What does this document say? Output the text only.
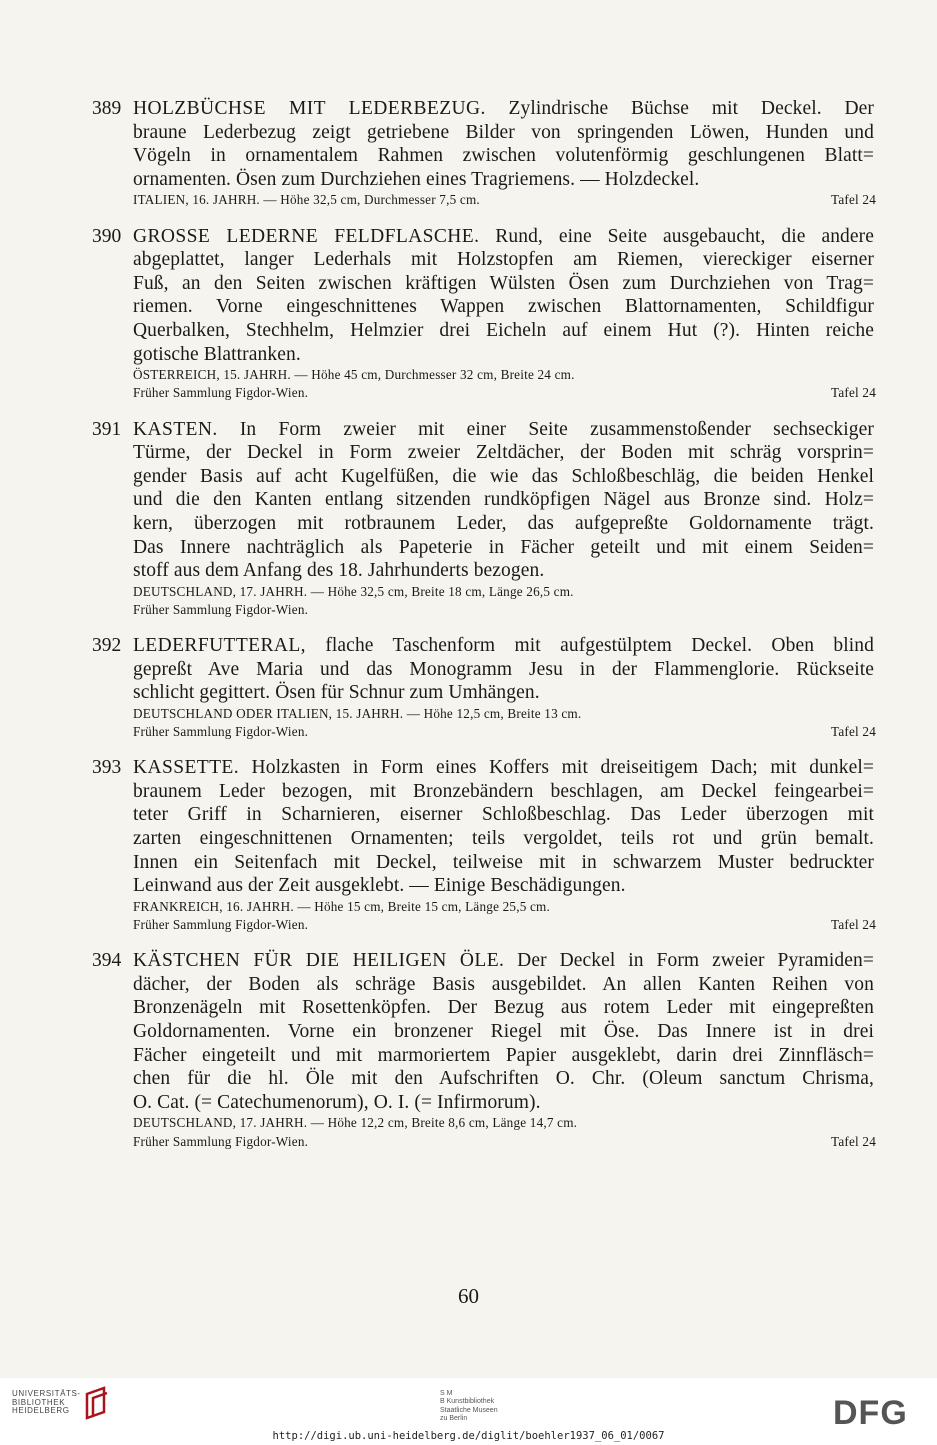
389 HOLZBÜCHSE MIT LEDERBEZUG. Zylindrische Büchse mit Deckel. Der
braune Lederbezug zeigt getriebene Bilder von springenden Löwen, Hunden und
Vögeln in ornamentalem Rahmen zwischen volutenförmig geschlungenen Blatt=
ornamenten. Ösen zum Durchziehen eines Tragriemens. — Holzdeckel.
ITALIEN, 16. JAHRH. — Höhe 32,5 cm, Durchmesser 7,5 cm.	Tafel 24
390 GROSSE LEDERNE FELDFLASCHE. Rund, eine Seite ausgebaucht, die andere
abgeplattet, langer Lederhals mit Holzstopfen am Riemen, viereckiger eiserner
Fuß, an den Seiten zwischen kräftigen Wülsten Ösen zum Durchziehen von Trag=
riemen. Vorne eingeschnittenes Wappen zwischen Blattornamenten, Schildfigur
Querbalken, Stechhelm, Helmzier drei Eicheln auf einem Hut (?). Hinten reiche
gotische Blattranken.
ÖSTERREICH, 15. JAHRH. — Höhe 45 cm, Durchmesser 32 cm, Breite 24 cm.
Früher Sammlung Figdor-Wien.	Tafel 24
391 KASTEN. In Form zweier mit einer Seite zusammenstoßender sechseckiger
Türme, der Deckel in Form zweier Zeltdächer, der Boden mit schräg vorsprin=
gender Basis auf acht Kugelfüßen, die wie das Schloßbeschläg, die beiden Henkel
und die den Kanten entlang sitzenden rundköpfigen Nägel aus Bronze sind. Holz=
kern, überzogen mit rotbraunem Leder, das aufgepreßte Goldornamente trägt.
Das Innere nachträglich als Papeterie in Fächer geteilt und mit einem Seiden=
stoff aus dem Anfang des 18. Jahrhunderts bezogen.
DEUTSCHLAND, 17. JAHRH. — Höhe 32,5 cm, Breite 18 cm, Länge 26,5 cm.
Früher Sammlung Figdor-Wien.
392 LEDERFUTTERAL, flache Taschenform mit aufgestülptem Deckel. Oben blind
gepreßt Ave Maria und das Monogramm Jesu in der Flammenglorie. Rückseite
schlicht gegittert. Ösen für Schnur zum Umhängen.
DEUTSCHLAND ODER ITALIEN, 15. JAHRH. — Höhe 12,5 cm, Breite 13 cm.
Früher Sammlung Figdor-Wien.	Tafel 24
393 KASSETTE. Holzkasten in Form eines Koffers mit dreiseitigem Dach; mit dunkel=
braunem Leder bezogen, mit Bronzebändern beschlagen, am Deckel feingearbei=
teter Griff in Scharnieren, eiserner Schloßbeschlag. Das Leder überzogen mit
zarten eingeschnittenen Ornamenten; teils vergoldet, teils rot und grün bemalt.
Innen ein Seitenfach mit Deckel, teilweise mit in schwarzem Muster bedruckter
Leinwand aus der Zeit ausgeklebt. — Einige Beschädigungen.
FRANKREICH, 16. JAHRH. — Höhe 15 cm, Breite 15 cm, Länge 25,5 cm.
Früher Sammlung Figdor-Wien.	Tafel 24
394 KÄSTCHEN FÜR DIE HEILIGEN ÖLE. Der Deckel in Form zweier Pyramiden=
dächer, der Boden als schräge Basis ausgebildet. An allen Kanten Reihen von
Bronzenägeln mit Rosettenköpfen. Der Bezug aus rotem Leder mit eingepreßten
Goldornamenten. Vorne ein bronzener Riegel mit Öse. Das Innere ist in drei
Fächer eingeteilt und mit marmoriertem Papier ausgeklebt, darin drei Zinnfläsch=
chen für die hl. Öle mit den Aufschriften O. Chr. (Oleum sanctum Chrisma,
O. Cat. (= Catechumenorum), O. I. (= Infirmorum).
DEUTSCHLAND, 17. JAHRH. — Höhe 12,2 cm, Breite 8,6 cm, Länge 14,7 cm.
Früher Sammlung Figdor-Wien.	Tafel 24
60
UNIVERSITÄTS-
BIBLIOTHEK
HEIDELBERG
S M
B Kunstbibliothek
Staatliche Museen
zu Berlin	DFG
http://digi.ub.uni-heidelberg.de/diglit/boehler1937_06_01/0067
